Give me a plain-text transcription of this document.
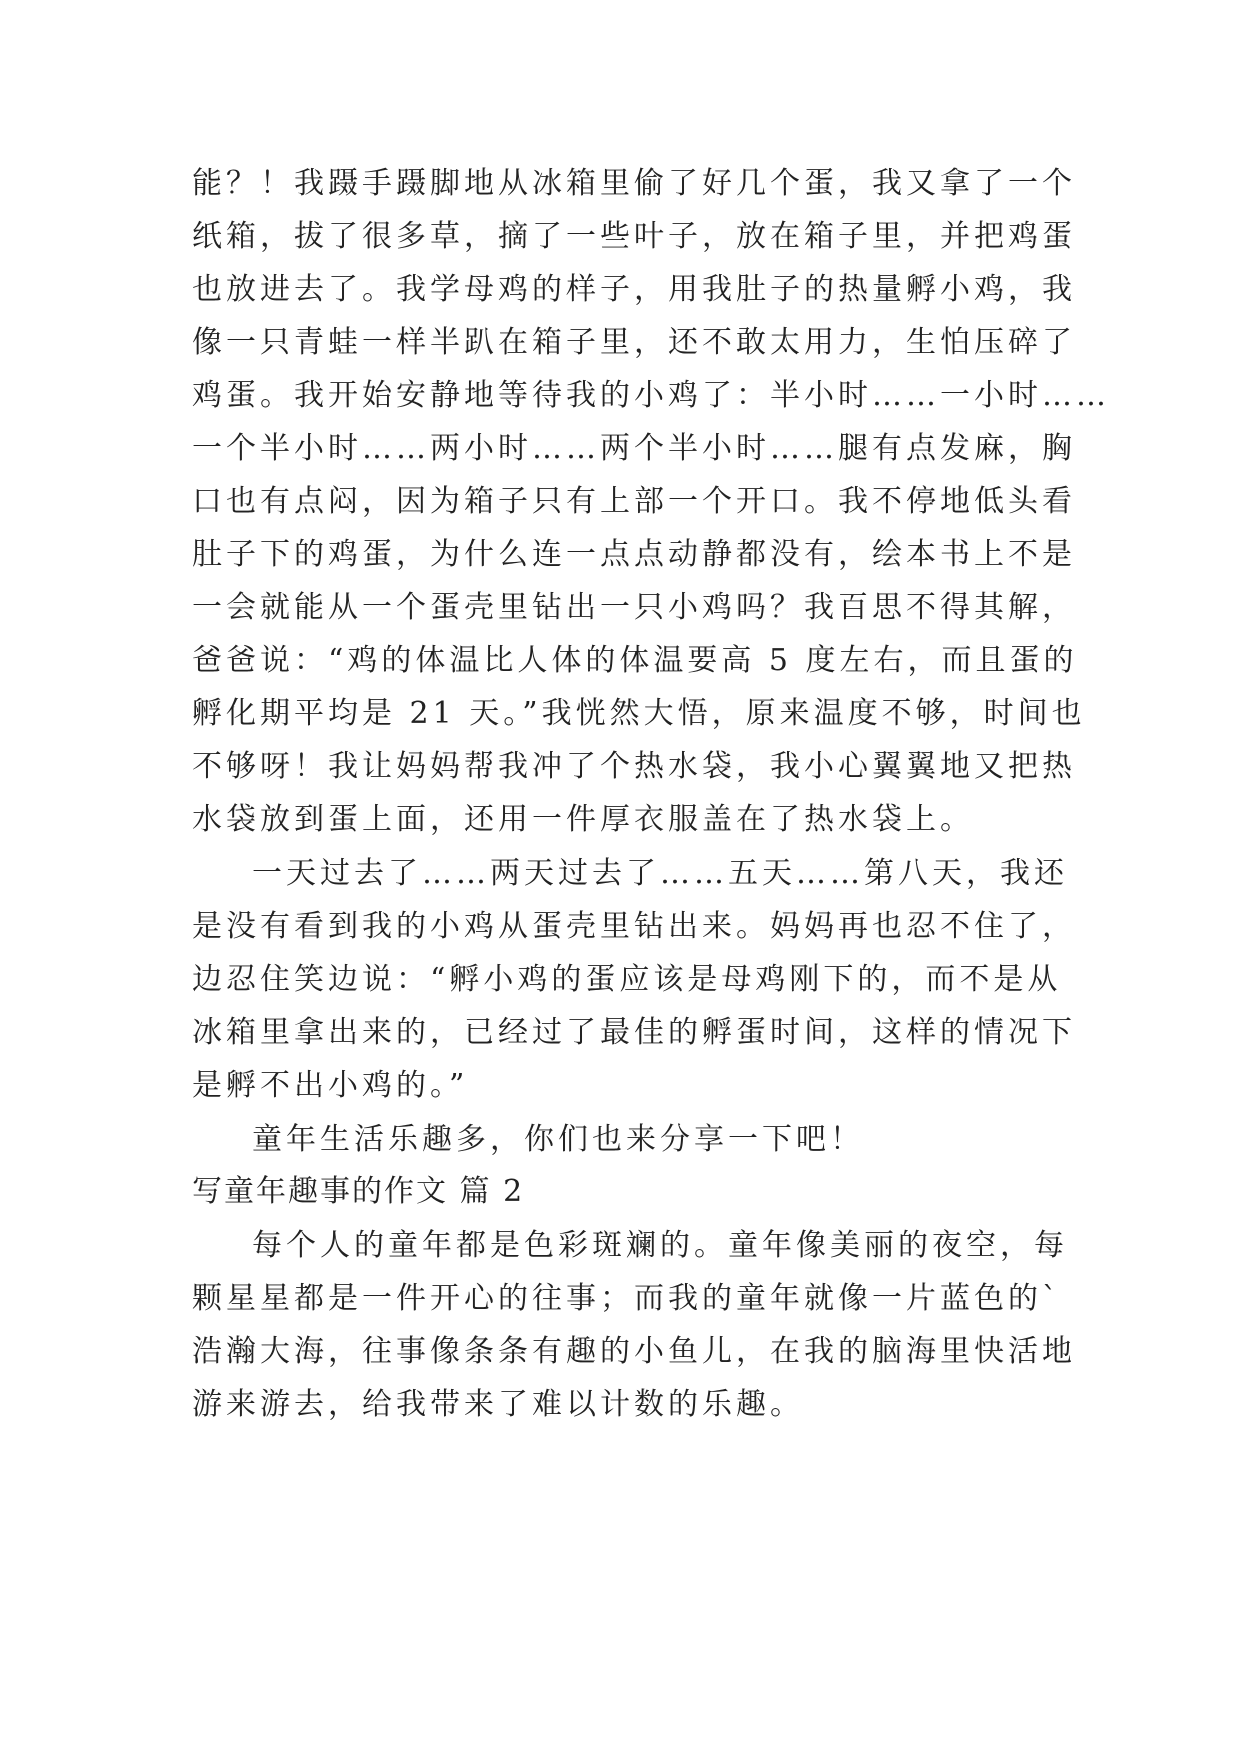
能？！我蹑手蹑脚地从冰箱里偷了好几个蛋，我又拿了一个
纸箱，拔了很多草，摘了一些叶子，放在箱子里，并把鸡蛋
也放进去了。我学母鸡的样子，用我肚子的热量孵小鸡，我
像一只青蛙一样半趴在箱子里，还不敢太用力，生怕压碎了
鸡蛋。我开始安静地等待我的小鸡了：半小时……一小时……
一个半小时……两小时……两个半小时……腿有点发麻，胸
口也有点闷，因为箱子只有上部一个开口。我不停地低头看
肚子下的鸡蛋，为什么连一点点动静都没有，绘本书上不是
一会就能从一个蛋壳里钻出一只小鸡吗？我百思不得其解，
爸爸说：“鸡的体温比人体的体温要高 5 度左右，而且蛋的
孵化期平均是 21 天。”我恍然大悟，原来温度不够，时间也
不够呀！我让妈妈帮我冲了个热水袋，我小心翼翼地又把热
水袋放到蛋上面，还用一件厚衣服盖在了热水袋上。
一天过去了……两天过去了……五天……第八天，我还
是没有看到我的小鸡从蛋壳里钻出来。妈妈再也忍不住了，
边忍住笑边说：“孵小鸡的蛋应该是母鸡刚下的，而不是从
冰箱里拿出来的，已经过了最佳的孵蛋时间，这样的情况下
是孵不出小鸡的。”
童年生活乐趣多，你们也来分享一下吧！
写童年趣事的作文 篇 2
每个人的童年都是色彩斑斓的。童年像美丽的夜空，每
颗星星都是一件开心的往事；而我的童年就像一片蓝色的`
浩瀚大海，往事像条条有趣的小鱼儿，在我的脑海里快活地
游来游去，给我带来了难以计数的乐趣。
